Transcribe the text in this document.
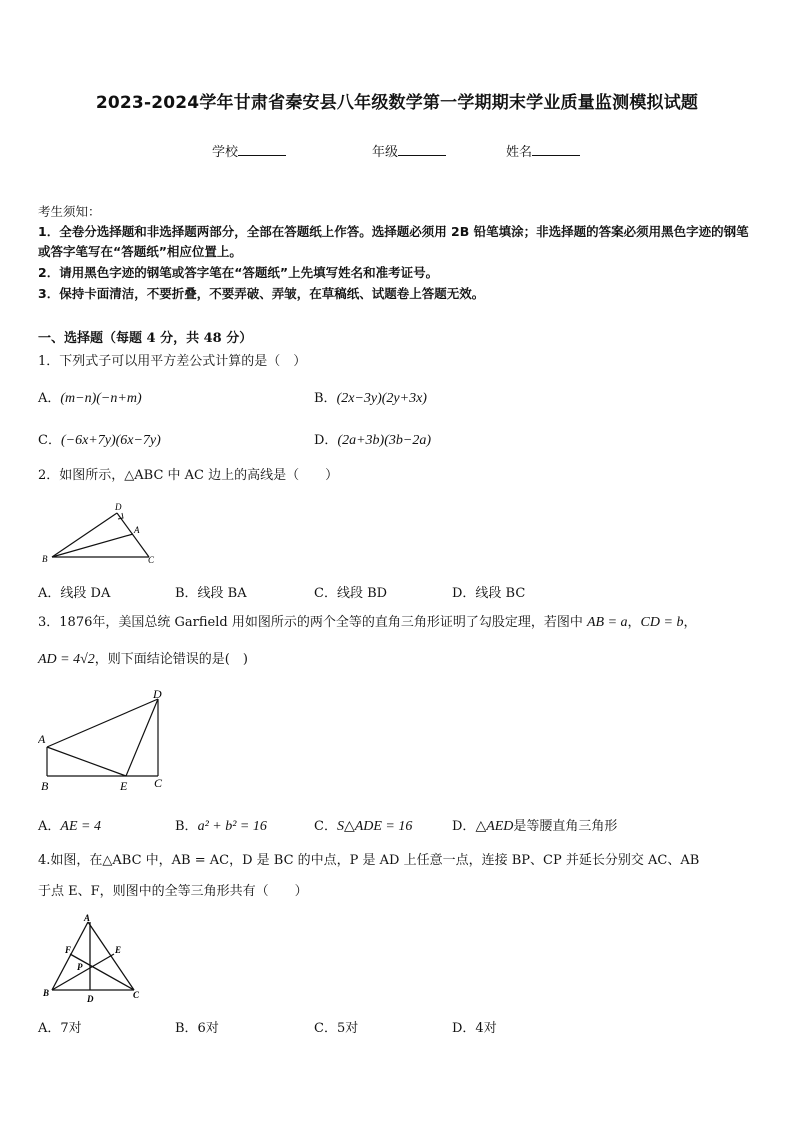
2023-2024学年甘肃省秦安县八年级数学第一学期期末学业质量监测模拟试题
学校	年级	姓名
考生须知：
1．全卷分选择题和非选择题两部分，全部在答题纸上作答。选择题必须用 2B 铅笔填涂；非选择题的答案必须用黑色字迹的钢笔或答字笔写在“答题纸”相应位置上。
2．请用黑色字迹的钢笔或答字笔在“答题纸”上先填写姓名和准考证号。
3．保持卡面清洁，不要折叠，不要弄破、弄皱，在草稿纸、试题卷上答题无效。
一、选择题（每题 4 分，共 48 分）
1．下列式子可以用平方差公式计算的是（　）
A．(m−n)(−n+m)	B．(2x−3y)(2y+3x)
C．(−6x+7y)(6x−7y)	D．(2a+3b)(3b−2a)
2．如图所示，△ABC 中 AC 边上的高线是（　　）
D
A
B	C
A．线段 DA	B．线段 BA	C．线段 BD	D．线段 BC
3．1876年，美国总统 Garfield 用如图所示的两个全等的直角三角形证明了勾股定理，若图中 AB = a，CD = b，
AD = 4√2，则下面结论错误的是(　)
A
B	E C
D
A．AE = 4	B．a² + b² = 16	C．S△ADE = 16	D．△AED是等腰直角三角形
4.如图，在△ABC 中，AB = AC，D 是 BC 的中点，P 是 AD 上任意一点，连接 BP、CP 并延长分别交 AC、AB
于点 E、F，则图中的全等三角形共有（　　）
A
F	E
P
B
D	C
A．7对	B．6对	C．5对	D．4对
